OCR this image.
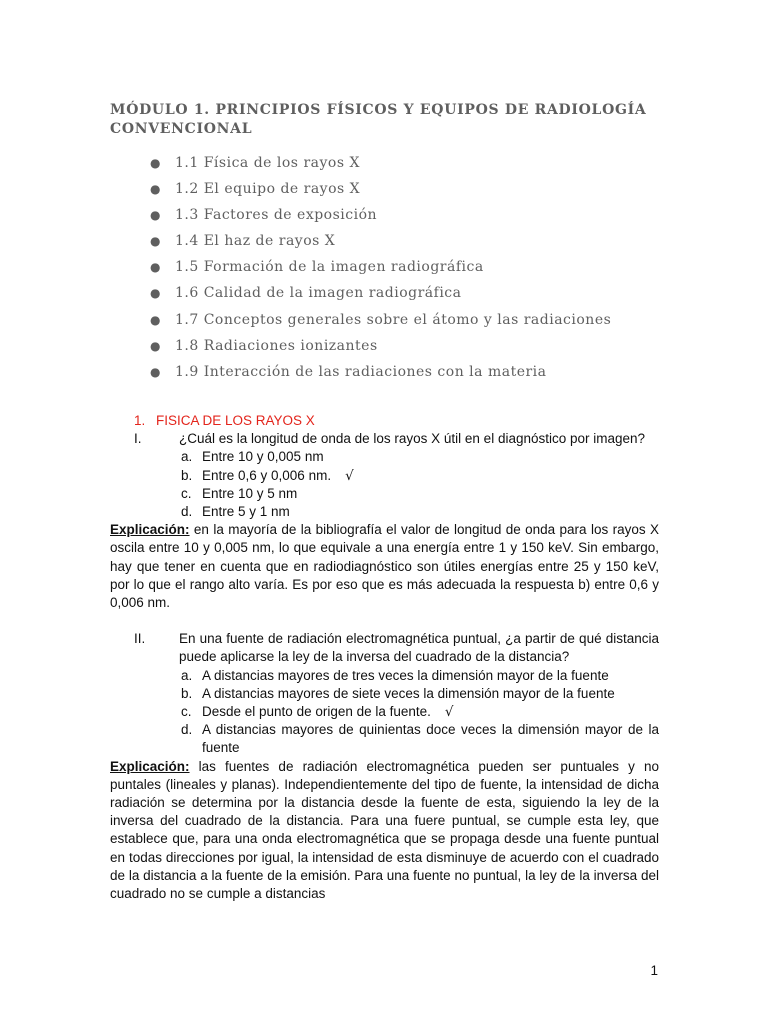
MÓDULO 1. PRINCIPIOS FÍSICOS Y EQUIPOS DE RADIOLOGÍA CONVENCIONAL
● 1.1 Física de los rayos X
● 1.2 El equipo de rayos X
● 1.3 Factores de exposición
● 1.4 El haz de rayos X
● 1.5 Formación de la imagen radiográfica
● 1.6 Calidad de la imagen radiográfica
● 1.7 Conceptos generales sobre el átomo y las radiaciones
● 1.8 Radiaciones ionizantes
● 1.9 Interacción de las radiaciones con la materia
1. FISICA DE LOS RAYOS X
I.	¿Cuál es la longitud de onda de los rayos X útil en el diagnóstico por imagen?
a. Entre 10 y 0,005 nm
b. Entre 0,6 y 0,006 nm. √
c. Entre 10 y 5 nm
d. Entre 5 y 1 nm
Explicación: en la mayoría de la bibliografía el valor de longitud de onda para los rayos X oscila entre 10 y 0,005 nm, lo que equivale a una energía entre 1 y 150 keV. Sin embargo, hay que tener en cuenta que en radiodiagnóstico son útiles energías entre 25 y 150 keV, por lo que el rango alto varía. Es por eso que es más adecuada la respuesta b) entre 0,6 y 0,006 nm.
II. En una fuente de radiación electromagnética puntual, ¿a partir de qué distancia puede aplicarse la ley de la inversa del cuadrado de la distancia?
a. A distancias mayores de tres veces la dimensión mayor de la fuente
b. A distancias mayores de siete veces la dimensión mayor de la fuente
c. Desde el punto de origen de la fuente. √
d. A distancias mayores de quinientas doce veces la dimensión mayor de la fuente
Explicación: las fuentes de radiación electromagnética pueden ser puntuales y no puntales (lineales y planas). Independientemente del tipo de fuente, la intensidad de dicha radiación se determina por la distancia desde la fuente de esta, siguiendo la ley de la inversa del cuadrado de la distancia. Para una fuere puntual, se cumple esta ley, que establece que, para una onda electromagnética que se propaga desde una fuente puntual en todas direcciones por igual, la intensidad de esta disminuye de acuerdo con el cuadrado de la distancia a la fuente de la emisión. Para una fuente no puntual, la ley de la inversa del cuadrado no se cumple a distancias
1
